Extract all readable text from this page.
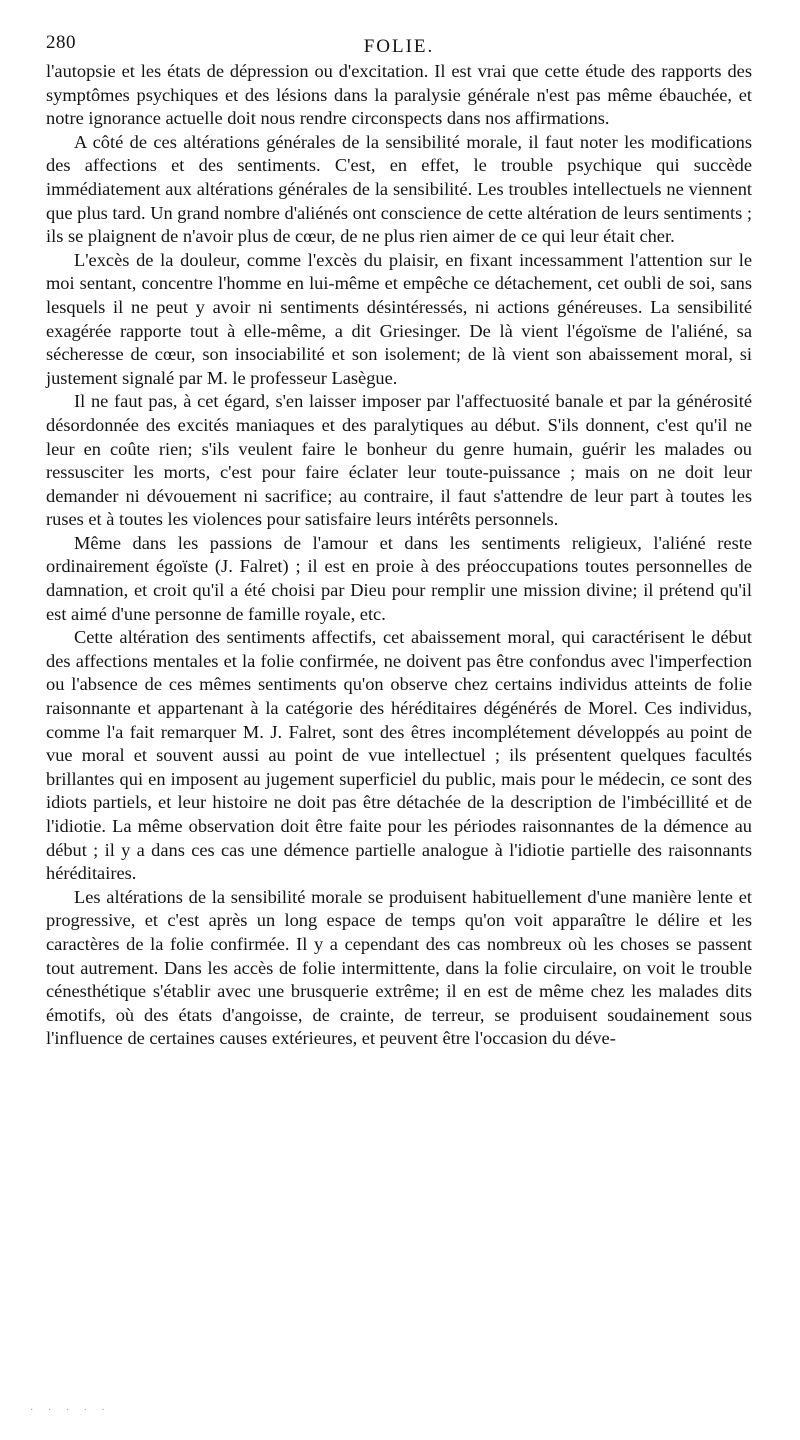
280	FOLIE.

l'autopsie et les états de dépression ou d'excitation. Il est vrai que cette étude des rapports des symptômes psychiques et des lésions dans la paralysie générale n'est pas même ébauchée, et notre ignorance actuelle doit nous rendre circonspects dans nos affirmations.

A côté de ces altérations générales de la sensibilité morale, il faut noter les modifications des affections et des sentiments. C'est, en effet, le trouble psychique qui succède immédiatement aux altérations générales de la sensibilité. Les troubles intellectuels ne viennent que plus tard. Un grand nombre d'aliénés ont conscience de cette altération de leurs sentiments ; ils se plaignent de n'avoir plus de cœur, de ne plus rien aimer de ce qui leur était cher.

L'excès de la douleur, comme l'excès du plaisir, en fixant incessamment l'attention sur le moi sentant, concentre l'homme en lui-même et empêche ce détachement, cet oubli de soi, sans lesquels il ne peut y avoir ni sentiments désintéressés, ni actions généreuses. La sensibilité exagérée rapporte tout à elle-même, a dit Griesinger. De là vient l'égoïsme de l'aliéné, sa sécheresse de cœur, son insociabilité et son isolement; de là vient son abaissement moral, si justement signalé par M. le professeur Lasègue.

Il ne faut pas, à cet égard, s'en laisser imposer par l'affectuosité banale et par la générosité désordonnée des excités maniaques et des paralytiques au début. S'ils donnent, c'est qu'il ne leur en coûte rien; s'ils veulent faire le bonheur du genre humain, guérir les malades ou ressusciter les morts, c'est pour faire éclater leur toute-puissance ; mais on ne doit leur demander ni dévouement ni sacrifice; au contraire, il faut s'attendre de leur part à toutes les ruses et à toutes les violences pour satisfaire leurs intérêts personnels.

Même dans les passions de l'amour et dans les sentiments religieux, l'aliéné reste ordinairement égoïste (J. Falret) ; il est en proie à des préoccupations toutes personnelles de damnation, et croit qu'il a été choisi par Dieu pour remplir une mission divine; il prétend qu'il est aimé d'une personne de famille royale, etc.

Cette altération des sentiments affectifs, cet abaissement moral, qui caractérisent le début des affections mentales et la folie confirmée, ne doivent pas être confondus avec l'imperfection ou l'absence de ces mêmes sentiments qu'on observe chez certains individus atteints de folie raisonnante et appartenant à la catégorie des héréditaires dégénérés de Morel. Ces individus, comme l'a fait remarquer M. J. Falret, sont des êtres incomplétement développés au point de vue moral et souvent aussi au point de vue intellectuel ; ils présentent quelques facultés brillantes qui en imposent au jugement superficiel du public, mais pour le médecin, ce sont des idiots partiels, et leur histoire ne doit pas être détachée de la description de l'imbécillité et de l'idiotie. La même observation doit être faite pour les périodes raisonnantes de la démence au début ; il y a dans ces cas une démence partielle analogue à l'idiotie partielle des raisonnants héréditaires.

Les altérations de la sensibilité morale se produisent habituellement d'une manière lente et progressive, et c'est après un long espace de temps qu'on voit apparaître le délire et les caractères de la folie confirmée. Il y a cependant des cas nombreux où les choses se passent tout autrement. Dans les accès de folie intermittente, dans la folie circulaire, on voit le trouble cénesthétique s'établir avec une brusquerie extrême; il en est de même chez les malades dits émotifs, où des états d'angoisse, de crainte, de terreur, se produisent soudainement sous l'influence de certaines causes extérieures, et peuvent être l'occasion du déve-

· · · · ·
